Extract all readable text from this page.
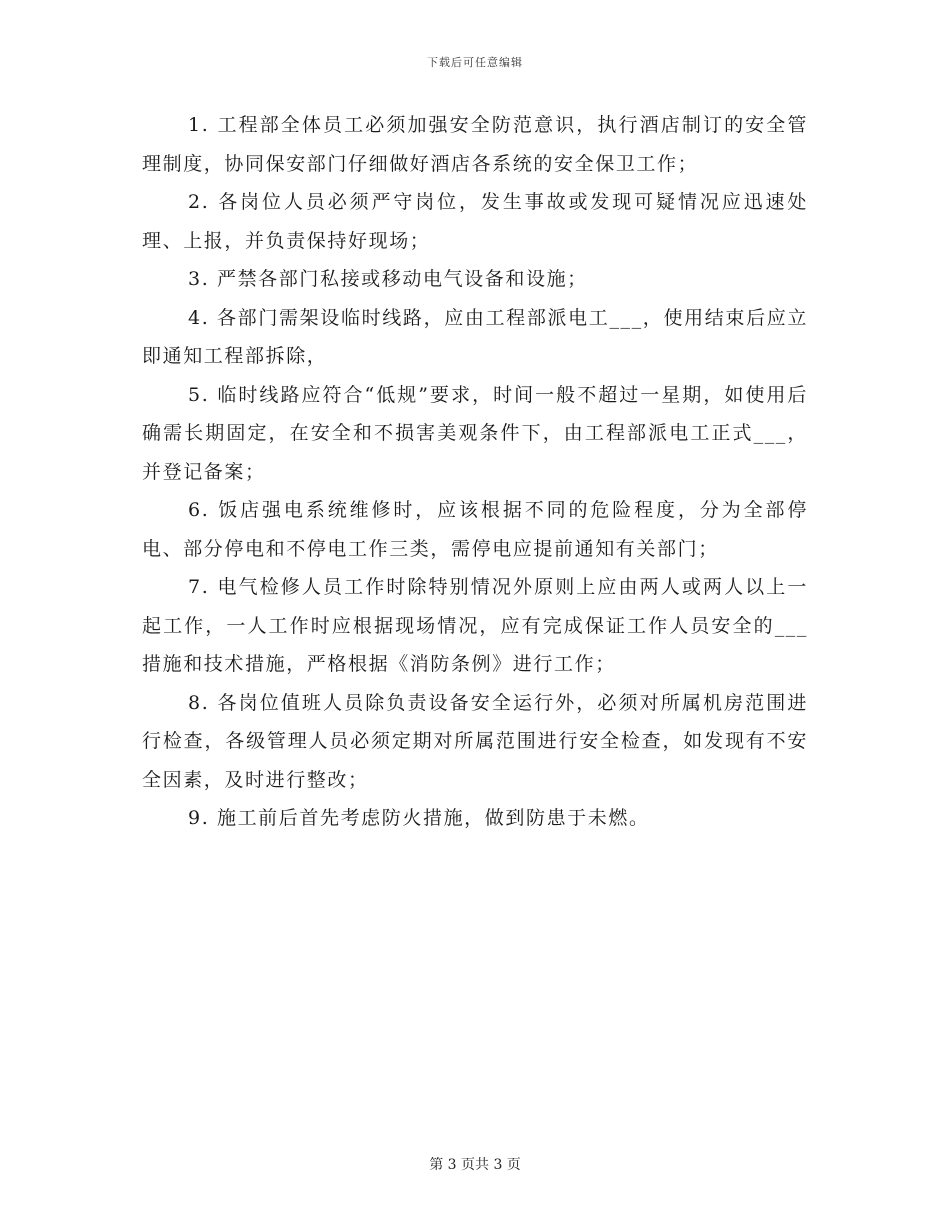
下载后可任意编辑

1. 工程部全体员工必须加强安全防范意识，执行酒店制订的安全管理制度，协同保安部门仔细做好酒店各系统的安全保卫工作；

2. 各岗位人员必须严守岗位，发生事故或发现可疑情况应迅速处理、上报，并负责保持好现场；

3. 严禁各部门私接或移动电气设备和设施；

4. 各部门需架设临时线路，应由工程部派电工___，使用结束后应立即通知工程部拆除，

5. 临时线路应符合“低规”要求，时间一般不超过一星期，如使用后确需长期固定，在安全和不损害美观条件下，由工程部派电工正式___，并登记备案；

6. 饭店强电系统维修时，应该根据不同的危险程度，分为全部停电、部分停电和不停电工作三类，需停电应提前通知有关部门；

7. 电气检修人员工作时除特别情况外原则上应由两人或两人以上一起工作，一人工作时应根据现场情况，应有完成保证工作人员安全的___措施和技术措施，严格根据《消防条例》进行工作；

8. 各岗位值班人员除负责设备安全运行外，必须对所属机房范围进行检查，各级管理人员必须定期对所属范围进行安全检查，如发现有不安全因素，及时进行整改；

9. 施工前后首先考虑防火措施，做到防患于未燃。

第 3 页共 3 页
